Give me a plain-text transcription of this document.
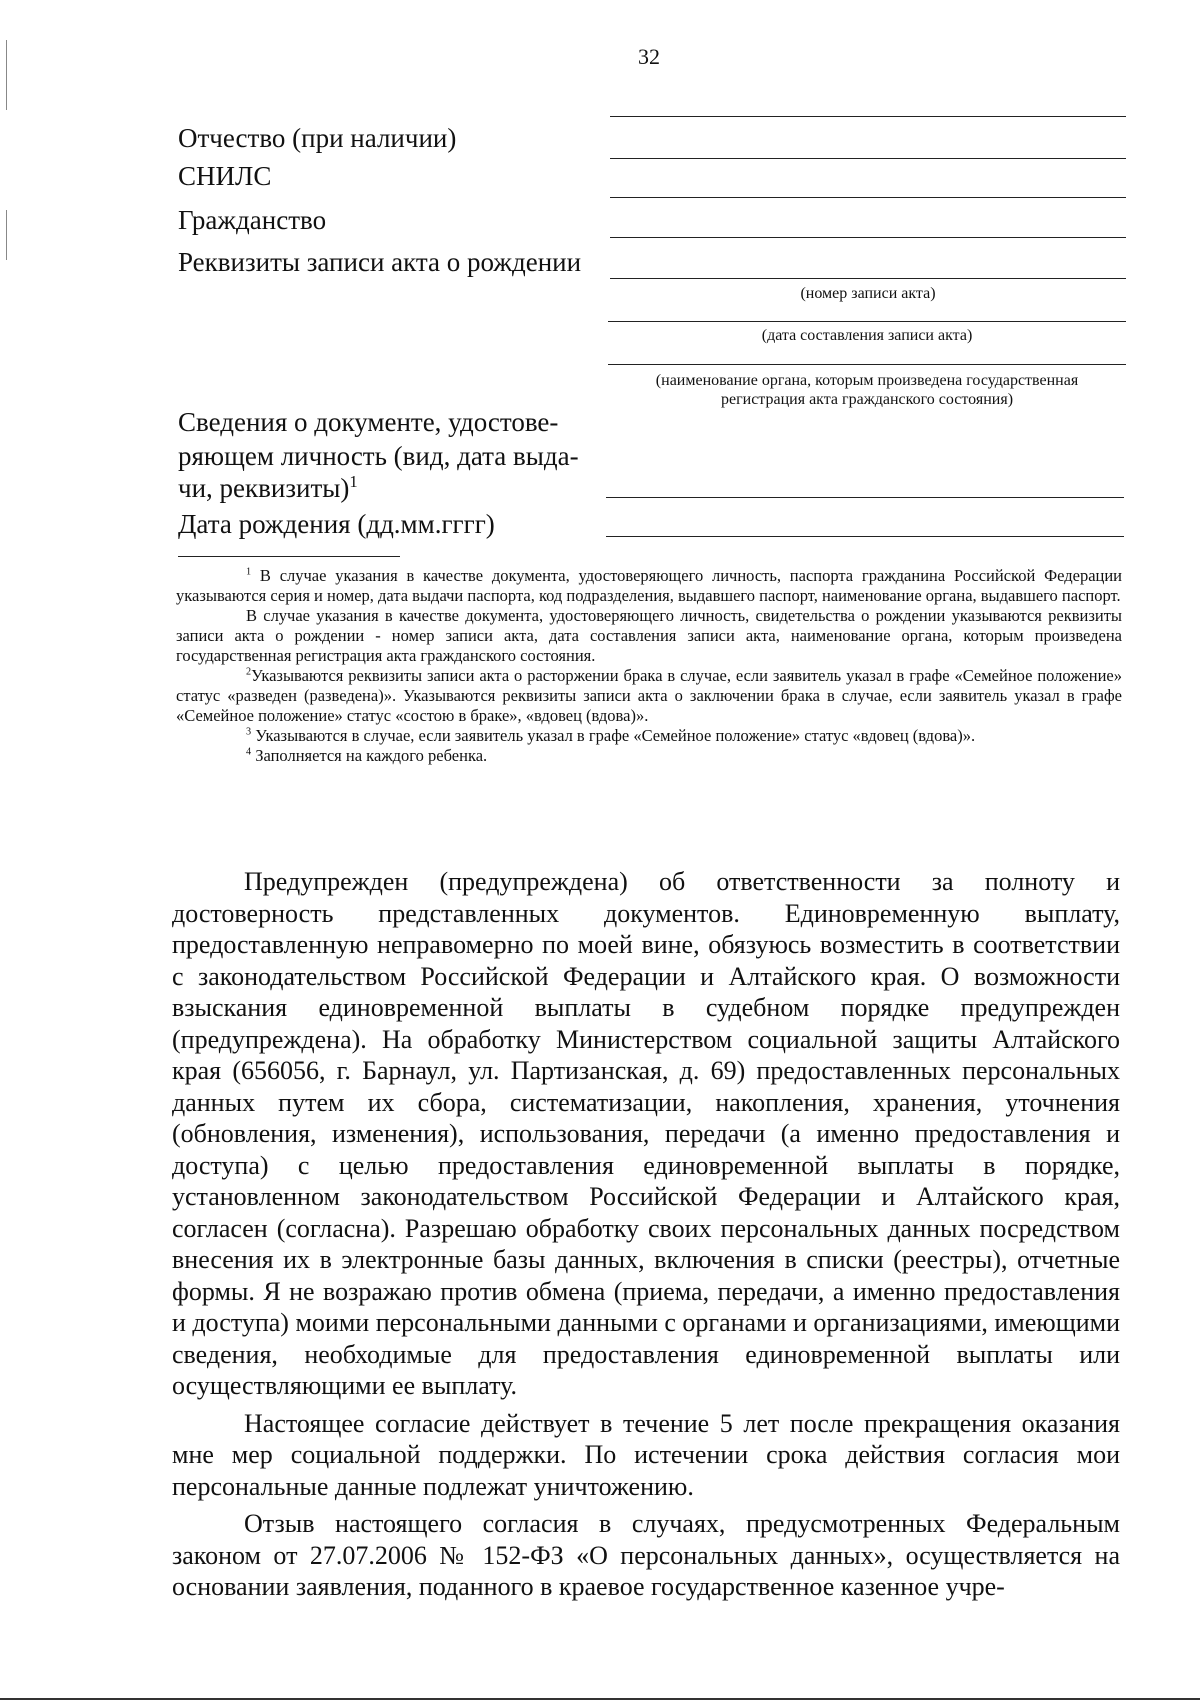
32
Отчество (при наличии)
СНИЛС
Гражданство
Реквизиты записи акта о рождении
(номер записи акта)
(дата составления записи акта)
(наименование органа, которым произведена государственная регистрация акта гражданского состояния)
Сведения о документе, удостове-
ряющем личность (вид, дата выда-
чи, реквизиты)$^1$
Дата рождения (дд.мм.гггг)

$^1$ В случае указания в качестве документа, удостоверяющего личность, паспорта гражданина Российской Федерации указываются серия и номер, дата выдачи паспорта, код подразделения, выдавшего паспорт, наименование органа, выдавшего паспорт.

В случае указания в качестве документа, удостоверяющего личность, свидетельства о рождении указываются реквизиты записи акта о рождении - номер записи акта, дата составления записи акта, наименование органа, которым произведена государственная регистрация акта гражданского состояния.

$^2$Указываются реквизиты записи акта о расторжении брака в случае, если заявитель указал в графе «Семейное положение» статус «разведен (разведена)». Указываются реквизиты записи акта о заключении брака в случае, если заявитель указал в графе «Семейное положение» статус «состою в браке», «вдовец (вдова)».

$^3$ Указываются в случае, если заявитель указал в графе «Семейное положение» статус «вдовец (вдова)».

$^4$ Заполняется на каждого ребенка.

Предупрежден (предупреждена) об ответственности за полноту и достоверность представленных документов. Единовременную выплату, предоставленную неправомерно по моей вине, обязуюсь возместить в соответствии с законодательством Российской Федерации и Алтайского края. О возможности взыскания единовременной выплаты в судебном порядке предупрежден (предупреждена). На обработку Министерством социальной защиты Алтайского края (656056, г. Барнаул, ул. Партизанская, д. 69) предоставленных персональных данных путем их сбора, систематизации, накопления, хранения, уточнения (обновления, изменения), использования, передачи (а именно предоставления и доступа) с целью предоставления единовременной выплаты в порядке, установленном законодательством Российской Федерации и Алтайского края, согласен (согласна). Разрешаю обработку своих персональных данных посредством внесения их в электронные базы данных, включения в списки (реестры), отчетные формы. Я не возражаю против обмена (приема, передачи, а именно предоставления и доступа) моими персональными данными с органами и организациями, имеющими сведения, необходимые для предоставления единовременной выплаты или осуществляющими ее выплату.

Настоящее согласие действует в течение 5 лет после прекращения оказания мне мер социальной поддержки. По истечении срока действия согласия мои персональные данные подлежат уничтожению.

Отзыв настоящего согласия в случаях, предусмотренных Федеральным законом от 27.07.2006 № 152-ФЗ «О персональных данных», осуществляется на основании заявления, поданного в краевое государственное казенное учре-
